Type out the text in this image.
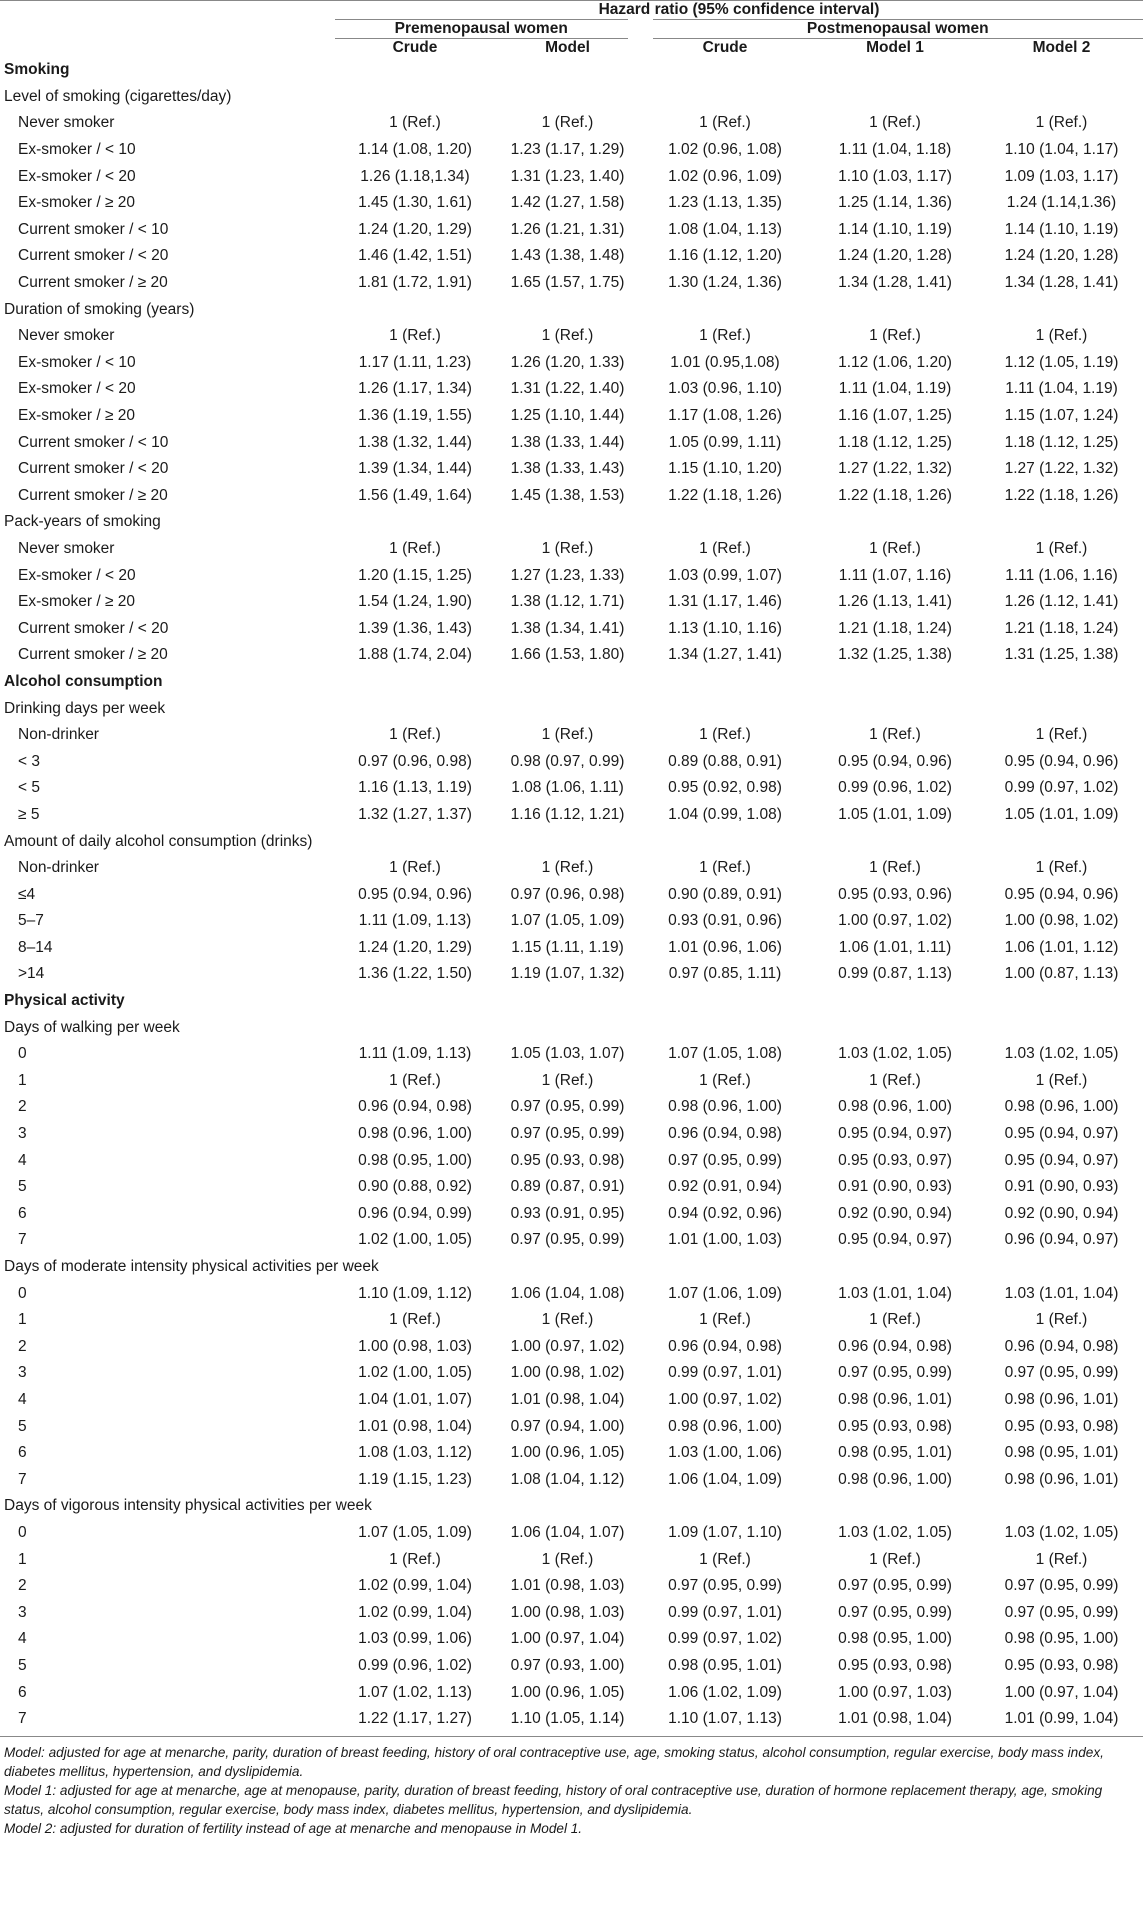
	Hazard ratio (95% confidence interval)				
	Premenopausal women		Postmenopausal women		
	Crude	Model	Crude	Model 1	Model 2
Smoking					
Level of smoking (cigarettes/day)					
Never smoker	1 (Ref.)	1 (Ref.)	1 (Ref.)	1 (Ref.)	1 (Ref.)
Ex-smoker / < 10	1.14 (1.08, 1.20)	1.23 (1.17, 1.29)	1.02 (0.96, 1.08)	1.11 (1.04, 1.18)	1.10 (1.04, 1.17)
Ex-smoker / < 20	1.26 (1.18,1.34)	1.31 (1.23, 1.40)	1.02 (0.96, 1.09)	1.10 (1.03, 1.17)	1.09 (1.03, 1.17)
Ex-smoker / ≥ 20	1.45 (1.30, 1.61)	1.42 (1.27, 1.58)	1.23 (1.13, 1.35)	1.25 (1.14, 1.36)	1.24 (1.14,1.36)
Current smoker / < 10	1.24 (1.20, 1.29)	1.26 (1.21, 1.31)	1.08 (1.04, 1.13)	1.14 (1.10, 1.19)	1.14 (1.10, 1.19)
Current smoker / < 20	1.46 (1.42, 1.51)	1.43 (1.38, 1.48)	1.16 (1.12, 1.20)	1.24 (1.20, 1.28)	1.24 (1.20, 1.28)
Current smoker / ≥ 20	1.81 (1.72, 1.91)	1.65 (1.57, 1.75)	1.30 (1.24, 1.36)	1.34 (1.28, 1.41)	1.34 (1.28, 1.41)
Duration of smoking (years)					
Never smoker	1 (Ref.)	1 (Ref.)	1 (Ref.)	1 (Ref.)	1 (Ref.)
Ex-smoker / < 10	1.17 (1.11, 1.23)	1.26 (1.20, 1.33)	1.01 (0.95,1.08)	1.12 (1.06, 1.20)	1.12 (1.05, 1.19)
Ex-smoker / < 20	1.26 (1.17, 1.34)	1.31 (1.22, 1.40)	1.03 (0.96, 1.10)	1.11 (1.04, 1.19)	1.11 (1.04, 1.19)
Ex-smoker / ≥ 20	1.36 (1.19, 1.55)	1.25 (1.10, 1.44)	1.17 (1.08, 1.26)	1.16 (1.07, 1.25)	1.15 (1.07, 1.24)
Current smoker / < 10	1.38 (1.32, 1.44)	1.38 (1.33, 1.44)	1.05 (0.99, 1.11)	1.18 (1.12, 1.25)	1.18 (1.12, 1.25)
Current smoker / < 20	1.39 (1.34, 1.44)	1.38 (1.33, 1.43)	1.15 (1.10, 1.20)	1.27 (1.22, 1.32)	1.27 (1.22, 1.32)
Current smoker / ≥ 20	1.56 (1.49, 1.64)	1.45 (1.38, 1.53)	1.22 (1.18, 1.26)	1.22 (1.18, 1.26)	1.22 (1.18, 1.26)
Pack-years of smoking					
Never smoker	1 (Ref.)	1 (Ref.)	1 (Ref.)	1 (Ref.)	1 (Ref.)
Ex-smoker / < 20	1.20 (1.15, 1.25)	1.27 (1.23, 1.33)	1.03 (0.99, 1.07)	1.11 (1.07, 1.16)	1.11 (1.06, 1.16)
Ex-smoker / ≥ 20	1.54 (1.24, 1.90)	1.38 (1.12, 1.71)	1.31 (1.17, 1.46)	1.26 (1.13, 1.41)	1.26 (1.12, 1.41)
Current smoker / < 20	1.39 (1.36, 1.43)	1.38 (1.34, 1.41)	1.13 (1.10, 1.16)	1.21 (1.18, 1.24)	1.21 (1.18, 1.24)
Current smoker / ≥ 20	1.88 (1.74, 2.04)	1.66 (1.53, 1.80)	1.34 (1.27, 1.41)	1.32 (1.25, 1.38)	1.31 (1.25, 1.38)
Alcohol consumption					
Drinking days per week					
Non-drinker	1 (Ref.)	1 (Ref.)	1 (Ref.)	1 (Ref.)	1 (Ref.)
< 3	0.97 (0.96, 0.98)	0.98 (0.97, 0.99)	0.89 (0.88, 0.91)	0.95 (0.94, 0.96)	0.95 (0.94, 0.96)
< 5	1.16 (1.13, 1.19)	1.08 (1.06, 1.11)	0.95 (0.92, 0.98)	0.99 (0.96, 1.02)	0.99 (0.97, 1.02)
≥ 5	1.32 (1.27, 1.37)	1.16 (1.12, 1.21)	1.04 (0.99, 1.08)	1.05 (1.01, 1.09)	1.05 (1.01, 1.09)
Amount of daily alcohol consumption (drinks)					
Non-drinker	1 (Ref.)	1 (Ref.)	1 (Ref.)	1 (Ref.)	1 (Ref.)
≤4	0.95 (0.94, 0.96)	0.97 (0.96, 0.98)	0.90 (0.89, 0.91)	0.95 (0.93, 0.96)	0.95 (0.94, 0.96)
5–7	1.11 (1.09, 1.13)	1.07 (1.05, 1.09)	0.93 (0.91, 0.96)	1.00 (0.97, 1.02)	1.00 (0.98, 1.02)
8–14	1.24 (1.20, 1.29)	1.15 (1.11, 1.19)	1.01 (0.96, 1.06)	1.06 (1.01, 1.11)	1.06 (1.01, 1.12)
>14	1.36 (1.22, 1.50)	1.19 (1.07, 1.32)	0.97 (0.85, 1.11)	0.99 (0.87, 1.13)	1.00 (0.87, 1.13)
Physical activity					
Days of walking per week					
0	1.11 (1.09, 1.13)	1.05 (1.03, 1.07)	1.07 (1.05, 1.08)	1.03 (1.02, 1.05)	1.03 (1.02, 1.05)
1	1 (Ref.)	1 (Ref.)	1 (Ref.)	1 (Ref.)	1 (Ref.)
2	0.96 (0.94, 0.98)	0.97 (0.95, 0.99)	0.98 (0.96, 1.00)	0.98 (0.96, 1.00)	0.98 (0.96, 1.00)
3	0.98 (0.96, 1.00)	0.97 (0.95, 0.99)	0.96 (0.94, 0.98)	0.95 (0.94, 0.97)	0.95 (0.94, 0.97)
4	0.98 (0.95, 1.00)	0.95 (0.93, 0.98)	0.97 (0.95, 0.99)	0.95 (0.93, 0.97)	0.95 (0.94, 0.97)
5	0.90 (0.88, 0.92)	0.89 (0.87, 0.91)	0.92 (0.91, 0.94)	0.91 (0.90, 0.93)	0.91 (0.90, 0.93)
6	0.96 (0.94, 0.99)	0.93 (0.91, 0.95)	0.94 (0.92, 0.96)	0.92 (0.90, 0.94)	0.92 (0.90, 0.94)
7	1.02 (1.00, 1.05)	0.97 (0.95, 0.99)	1.01 (1.00, 1.03)	0.95 (0.94, 0.97)	0.96 (0.94, 0.97)
Days of moderate intensity physical activities per week					
0	1.10 (1.09, 1.12)	1.06 (1.04, 1.08)	1.07 (1.06, 1.09)	1.03 (1.01, 1.04)	1.03 (1.01, 1.04)
1	1 (Ref.)	1 (Ref.)	1 (Ref.)	1 (Ref.)	1 (Ref.)
2	1.00 (0.98, 1.03)	1.00 (0.97, 1.02)	0.96 (0.94, 0.98)	0.96 (0.94, 0.98)	0.96 (0.94, 0.98)
3	1.02 (1.00, 1.05)	1.00 (0.98, 1.02)	0.99 (0.97, 1.01)	0.97 (0.95, 0.99)	0.97 (0.95, 0.99)
4	1.04 (1.01, 1.07)	1.01 (0.98, 1.04)	1.00 (0.97, 1.02)	0.98 (0.96, 1.01)	0.98 (0.96, 1.01)
5	1.01 (0.98, 1.04)	0.97 (0.94, 1.00)	0.98 (0.96, 1.00)	0.95 (0.93, 0.98)	0.95 (0.93, 0.98)
6	1.08 (1.03, 1.12)	1.00 (0.96, 1.05)	1.03 (1.00, 1.06)	0.98 (0.95, 1.01)	0.98 (0.95, 1.01)
7	1.19 (1.15, 1.23)	1.08 (1.04, 1.12)	1.06 (1.04, 1.09)	0.98 (0.96, 1.00)	0.98 (0.96, 1.01)
Days of vigorous intensity physical activities per week					
0	1.07 (1.05, 1.09)	1.06 (1.04, 1.07)	1.09 (1.07, 1.10)	1.03 (1.02, 1.05)	1.03 (1.02, 1.05)
1	1 (Ref.)	1 (Ref.)	1 (Ref.)	1 (Ref.)	1 (Ref.)
2	1.02 (0.99, 1.04)	1.01 (0.98, 1.03)	0.97 (0.95, 0.99)	0.97 (0.95, 0.99)	0.97 (0.95, 0.99)
3	1.02 (0.99, 1.04)	1.00 (0.98, 1.03)	0.99 (0.97, 1.01)	0.97 (0.95, 0.99)	0.97 (0.95, 0.99)
4	1.03 (0.99, 1.06)	1.00 (0.97, 1.04)	0.99 (0.97, 1.02)	0.98 (0.95, 1.00)	0.98 (0.95, 1.00)
5	0.99 (0.96, 1.02)	0.97 (0.93, 1.00)	0.98 (0.95, 1.01)	0.95 (0.93, 0.98)	0.95 (0.93, 0.98)
6	1.07 (1.02, 1.13)	1.00 (0.96, 1.05)	1.06 (1.02, 1.09)	1.00 (0.97, 1.03)	1.00 (0.97, 1.04)
7	1.22 (1.17, 1.27)	1.10 (1.05, 1.14)	1.10 (1.07, 1.13)	1.01 (0.98, 1.04)	1.01 (0.99, 1.04)

Model: adjusted for age at menarche, parity, duration of breast feeding, history of oral contraceptive use, age, smoking status, alcohol consumption, regular exercise, body mass index, diabetes mellitus, hypertension, and dyslipidemia.
Model 1: adjusted for age at menarche, age at menopause, parity, duration of breast feeding, history of oral contraceptive use, duration of hormone replacement therapy, age, smoking status, alcohol consumption, regular exercise, body mass index, diabetes mellitus, hypertension, and dyslipidemia.
Model 2: adjusted for duration of fertility instead of age at menarche and menopause in Model 1.
